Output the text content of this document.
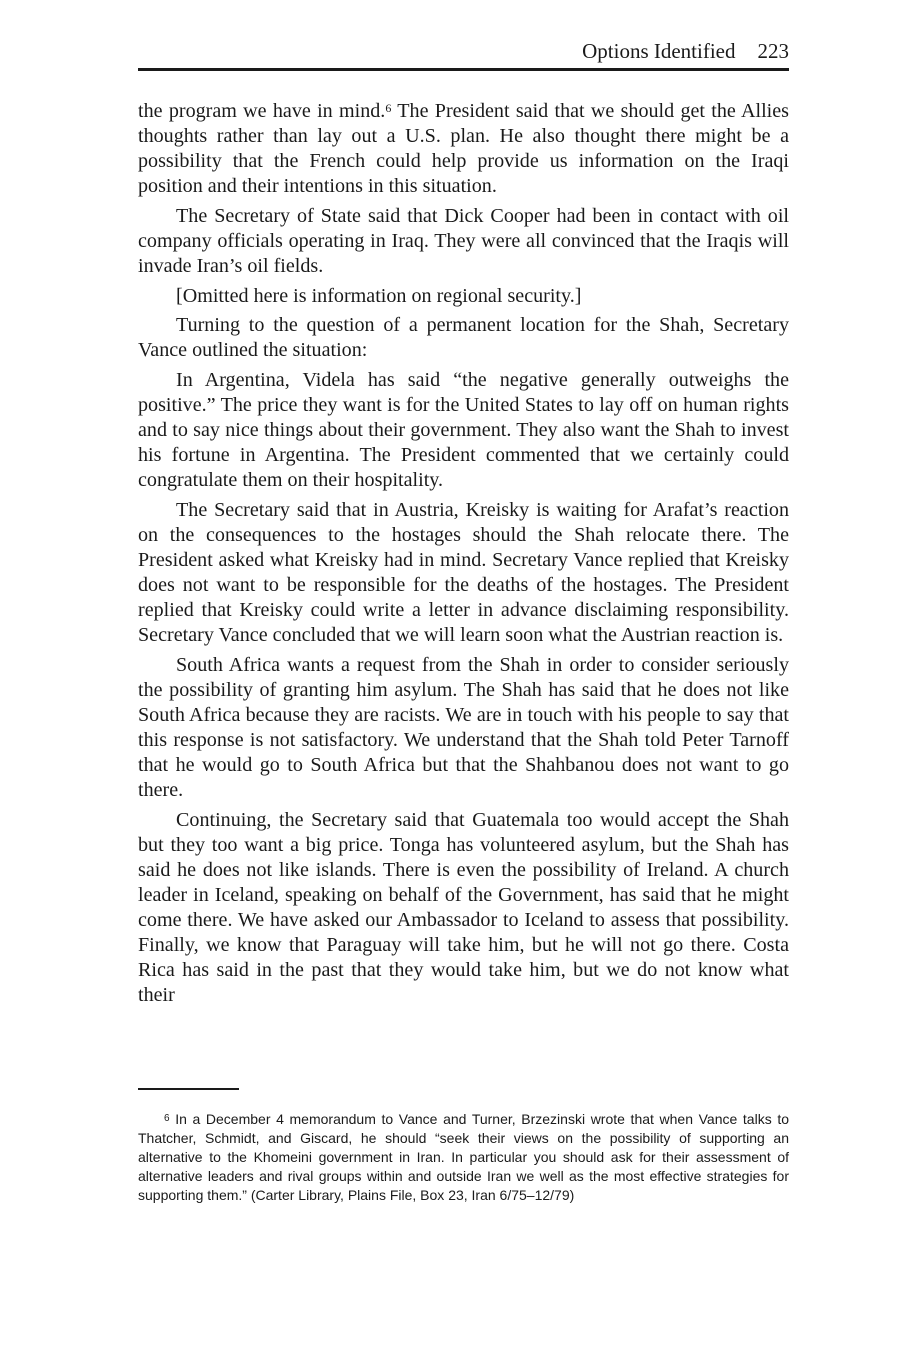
Options Identified 223

the program we have in mind.$^6$ The President said that we should get the Allies thoughts rather than lay out a U.S. plan. He also thought there might be a possibility that the French could help provide us information on the Iraqi position and their intentions in this situation.

The Secretary of State said that Dick Cooper had been in contact with oil company officials operating in Iraq. They were all convinced that the Iraqis will invade Iran’s oil fields.

[Omitted here is information on regional security.]

Turning to the question of a permanent location for the Shah, Secretary Vance outlined the situation:

In Argentina, Videla has said “the negative generally outweighs the positive.” The price they want is for the United States to lay off on human rights and to say nice things about their government. They also want the Shah to invest his fortune in Argentina. The President commented that we certainly could congratulate them on their hospitality.

The Secretary said that in Austria, Kreisky is waiting for Arafat’s reaction on the consequences to the hostages should the Shah relocate there. The President asked what Kreisky had in mind. Secretary Vance replied that Kreisky does not want to be responsible for the deaths of the hostages. The President replied that Kreisky could write a letter in advance disclaiming responsibility. Secretary Vance concluded that we will learn soon what the Austrian reaction is.

South Africa wants a request from the Shah in order to consider seriously the possibility of granting him asylum. The Shah has said that he does not like South Africa because they are racists. We are in touch with his people to say that this response is not satisfactory. We understand that the Shah told Peter Tarnoff that he would go to South Africa but that the Shahbanou does not want to go there.

Continuing, the Secretary said that Guatemala too would accept the Shah but they too want a big price. Tonga has volunteered asylum, but the Shah has said he does not like islands. There is even the possibility of Ireland. A church leader in Iceland, speaking on behalf of the Government, has said that he might come there. We have asked our Ambassador to Iceland to assess that possibility. Finally, we know that Paraguay will take him, but he will not go there. Costa Rica has said in the past that they would take him, but we do not know what their

$^6$ In a December 4 memorandum to Vance and Turner, Brzezinski wrote that when Vance talks to Thatcher, Schmidt, and Giscard, he should “seek their views on the possibility of supporting an alternative to the Khomeini government in Iran. In particular you should ask for their assessment of alternative leaders and rival groups within and outside Iran we well as the most effective strategies for supporting them.” (Carter Library, Plains File, Box 23, Iran 6/75–12/79)
